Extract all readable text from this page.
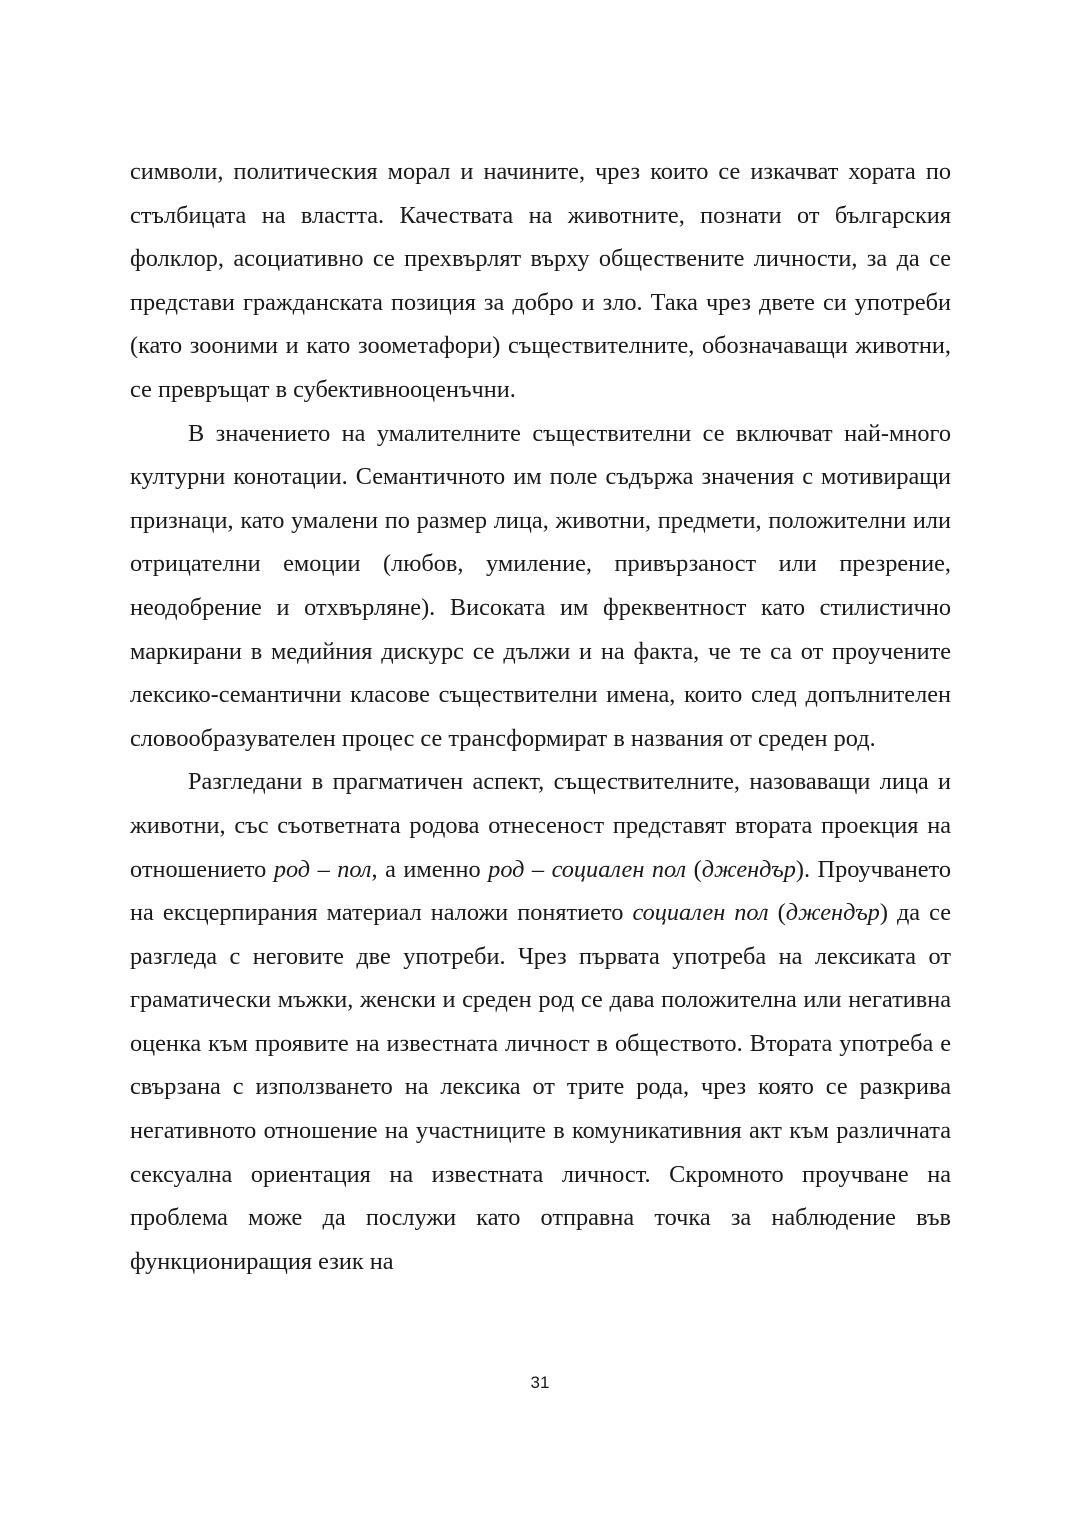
символи, политическия морал и начините, чрез които се изкачват хората по стълбицата на властта. Качествата на животните, познати от българския фолклор, асоциативно се прехвърлят върху обществените личности, за да се представи гражданската позиция за добро и зло. Така чрез двете си употреби (като зооними и като зоометафори) съществителните, обозначаващи животни, се превръщат в субективнооценъчни.

В значението на умалителните съществителни се включват най-много културни конотации. Семантичното им поле съдържа значения с мотивиращи признаци, като умалени по размер лица, животни, предмети, положителни или отрицателни емоции (любов, умиление, привързаност или презрение, неодобрение и отхвърляне). Високата им фреквентност като стилистично маркирани в медийния дискурс се дължи и на факта, че те са от проучените лексико-семантични класове съществителни имена, които след допълнителен словообразувателен процес се трансформират в названия от среден род.

Разгледани в прагматичен аспект, съществителните, назоваващи лица и животни, със съответната родова отнесеност представят втората проекция на отношението род – пол, а именно род – социален пол (джендър). Проучването на ексцерпирания материал наложи понятието социален пол (джендър) да се разгледа с неговите две употреби. Чрез първата употреба на лексиката от граматически мъжки, женски и среден род се дава положителна или негативна оценка към проявите на известната личност в обществото. Втората употреба е свързана с използването на лексика от трите рода, чрез която се разкрива негативното отношение на участниците в комуникативния акт към различната сексуална ориентация на известната личност. Скромното проучване на проблема може да послужи като отправна точка за наблюдение във функциониращия език на

31
